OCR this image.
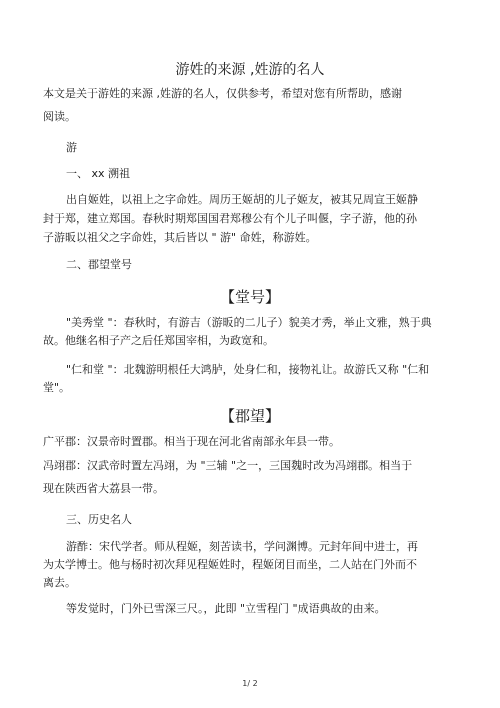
游姓的来源 ,姓游的名人
本文是关于游姓的来源 ,姓游的名人，仅供参考，希望对您有所帮助，感谢
阅读。
游
一、 xx 溯祖
出自姬姓，以祖上之字命姓。周历王姬胡的儿子姬友，被其兄周宣王姬静
封于郑，建立郑国。春秋时期郑国国君郑穆公有个儿子叫偃，字子游，他的孙
子游昄以祖父之字命姓，其后皆以 " 游" 命姓，称游姓。
二、郡望堂号
【堂号】
"美秀堂 "：春秋时，有游吉（游昄的二儿子）貌美才秀，举止文雅，熟于典
故。他继名相子产之后任郑国宰相，为政宽和。
"仁和堂 "：北魏游明根任大鸿胪，处身仁和，接物礼让。故游氏又称 "仁和
堂"。
【郡望】
广平郡：汉景帝时置郡。相当于现在河北省南部永年县一带。
冯翊郡：汉武帝时置左冯翊，为 "三辅 "之一，三国魏时改为冯翊郡。相当于
现在陕西省大荔县一带。
三、历史名人
游酢：宋代学者。师从程姬，刻苦读书，学问渊博。元封年间中进士，再
为太学博士。他与杨时初次拜见程姬姓时，程姬闭目而坐，二人站在门外而不
离去。
等发觉时，门外已雪深三尺。，此即 "立雪程门 "成语典故的由来。
1/ 2
